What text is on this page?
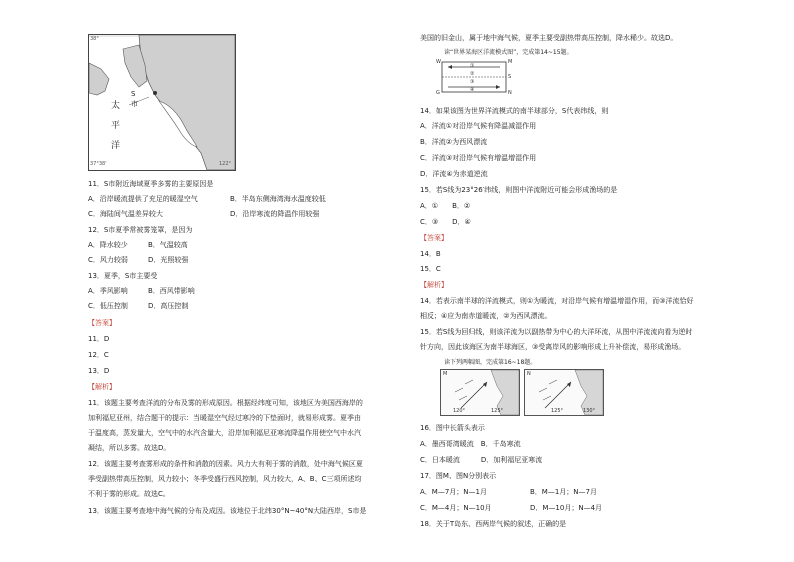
38°
37°38'	122°
太
平
洋
S
市
11．S市附近海域夏季多雾的主要原因是
A．沿岸暖流提供了充足的暖湿空气	B．半岛东侧海湾海水温度较低
C．海陆间气温差异较大	D．沿岸寒流的降温作用较强
12．S市夏季常被雾笼罩，是因为
A．降水较少	B．气温较高
C．风力较弱	D．光照较强
13．夏季，S市主要受
A．季风影响	B．西风带影响
C．低压控制	D．高压控制
【答案】
11．D
12．C
13．D
【解析】
11．该题主要考查洋流的分布及雾的形成原因。根据经纬度可知，该地区为美国西海岸的
加利福尼亚州，结合题干的提示：当暖湿空气经过寒冷的下垫面时，就易形成雾。夏季由
于温度高，蒸发量大，空气中的水汽含量大，沿岸加利福尼亚寒流降温作用使空气中水汽
凝结，所以多雾。故选D。
12．该题主要考查雾形成的条件和消散的因素。风力大有利于雾的消散，处中海气候区夏
季受副热带高压控制，风力较小；冬季受盛行西风控制，风力较大，A、B、C三项所述均
不利于雾的形成。故选C。
13．该题主要考查地中海气候的分布及成因。该地位于北纬30°N~40°N大陆西岸，S市是
美国的旧金山，属于地中海气候，夏季主要受副热带高压控制，降水稀少。故选D。
读“世界某海区洋流模式图”，完成第14~15题。
S
W
G
M
N
①
②
③
④
14．如果该图为世界洋流模式的南半球部分，S代表纬线，则
A．洋流①对沿岸气候有降温减湿作用
B．洋流②为西风漂流
C．洋流③对沿岸气候有增温增湿作用
D．洋流④为赤道逆流
15．若S线为23°26′纬线，则图中洋流附近可能会形成渔场的是
A．①　　B．②
C．③　　D．④
【答案】
14．B
15．C
【解析】
14．若表示南半球的洋流模式，则①为暖流，对沿岸气候有增温增湿作用，而③洋流恰好
相反；④应为南赤道暖流，②为西风漂流。
15．若S线为回归线，则该洋流为以副热带为中心的大洋环流，从图中洋流流向看为逆时
针方向，因此该海区为南半球海区，③受离岸风的影响形成上升补偿流，易形成渔场。
读下列两幅图，完成第16~18题。
M
120°	125°
N
125°	130°
16．图中长箭头表示
A．墨西哥湾暖流　B．千岛寒流
C．日本暖流　　　D．加利福尼亚寒流
17．图M、图N分别表示
A．M—7月；N—1月	B．M—1月；N—7月
C．M—4月；N—10月	D．M—10月；N—4月
18．关于T岛东、西两岸气候的叙述，正确的是
